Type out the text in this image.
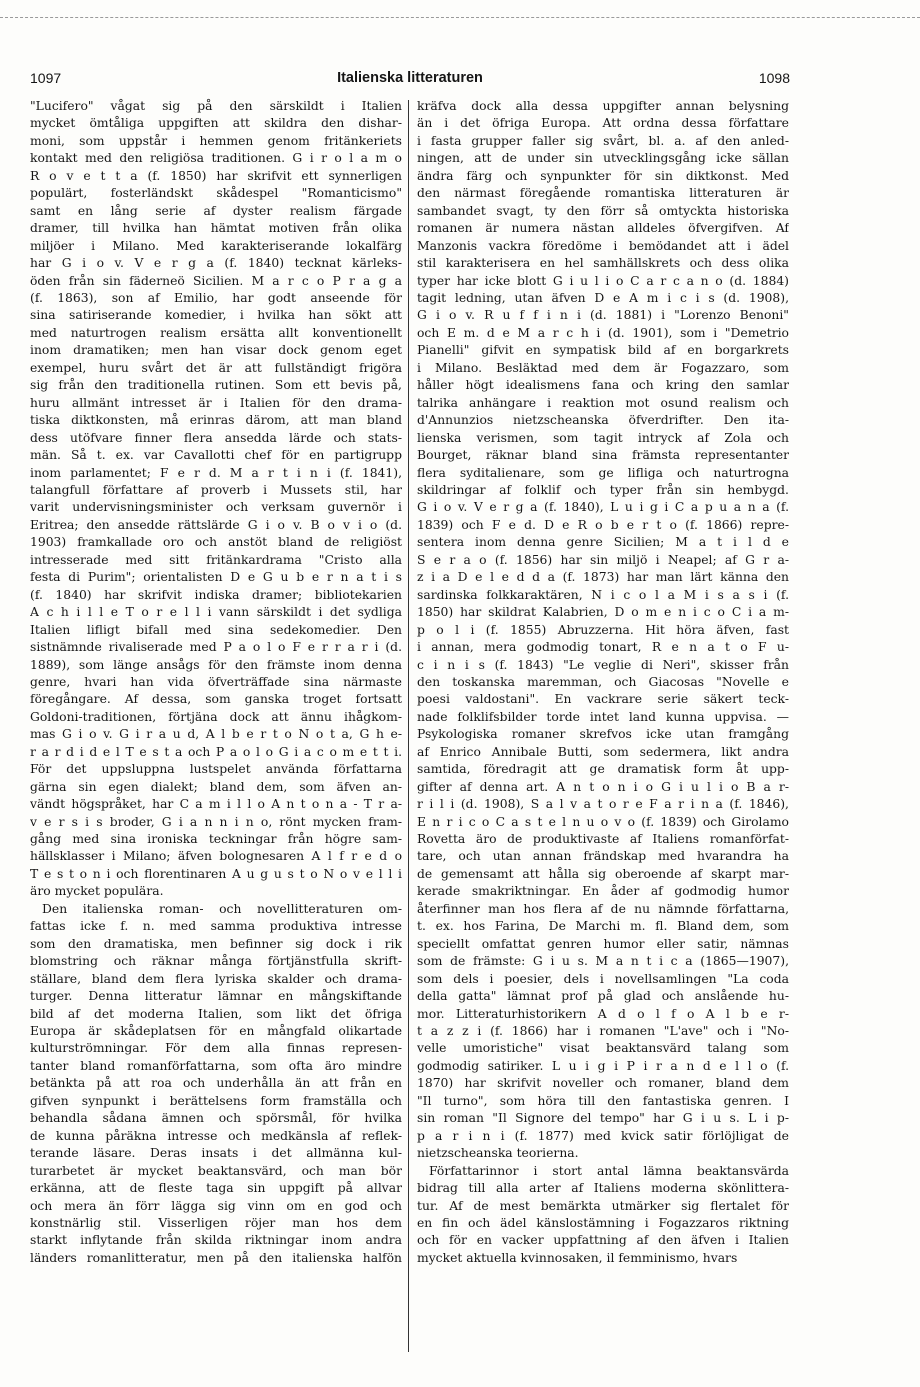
1097	Italienska litteraturen	1098
"Lucifero" vågat sig på den särskildt i Italien
mycket ömtåliga uppgiften att skildra den dishar-
moni, som uppstår i hemmen genom fritänkeriets
kontakt med den religiösa traditionen. G i r o l a m o
R o v e t t a (f. 1850) har skrifvit ett synnerligen
populärt, fosterländskt skådespel "Romanticismo"
samt en lång serie af dyster realism färgade
dramer, till hvilka han hämtat motiven från olika
miljöer i Milano. Med karakteriserande lokalfärg
har G i o v. V e r g a (f. 1840) tecknat kärleks-
öden från sin fäderneö Sicilien. M a r c o P r a g a
(f. 1863), son af Emilio, har godt anseende för
sina satiriserande komedier, i hvilka han sökt att
med naturtrogen realism ersätta allt konventionellt
inom dramatiken; men han visar dock genom eget
exempel, huru svårt det är att fullständigt frigöra
sig från den traditionella rutinen. Som ett bevis på,
huru allmänt intresset är i Italien för den drama-
tiska diktkonsten, må erinras därom, att man bland
dess utöfvare finner flera ansedda lärde och stats-
män. Så t. ex. var Cavallotti chef för en partigrupp
inom parlamentet; F e r d. M a r t i n i (f. 1841),
talangfull författare af proverb i Mussets stil, har
varit undervisningsminister och verksam guvernör i
Eritrea; den ansedde rättslärde G i o v. B o v i o (d.
1903) framkallade oro och anstöt bland de religiöst
intresserade med sitt fritänkardrama "Cristo alla
festa di Purim"; orientalisten D e G u b e r n a t i s
(f. 1840) har skrifvit indiska dramer; bibliotekarien
A c h i l l e T o r e l l i vann särskildt i det sydliga
Italien lifligt bifall med sina sedekomedier. Den
sistnämnde rivaliserade med P a o l o F e r r a r i (d.
1889), som länge ansågs för den främste inom denna
genre, hvari han vida öfverträffade sina närmaste
föregångare. Af dessa, som ganska troget fortsatt
Goldoni-traditionen, förtjäna dock att ännu ihågkom-
mas G i o v. G i r a u d, A l b e r t o N o t a, G h e-
r a r d i d e l T e s t a och P a o l o G i a c o m e t t i.
För det uppsluppna lustspelet använda författarna
gärna sin egen dialekt; bland dem, som äfven an-
vändt högspråket, har C a m i l l o A n t o n a - T r a-
v e r s i s broder, G i a n n i n o, rönt mycken fram-
gång med sina ironiska teckningar från högre sam-
hällsklasser i Milano; äfven bolognesaren A l f r e d o
T e s t o n i och florentinaren A u g u s t o N o v e l l i
äro mycket populära.
Den italienska roman- och novellitteraturen om-
fattas icke f. n. med samma produktiva intresse
som den dramatiska, men befinner sig dock i rik
blomstring och räknar många förtjänstfulla skrift-
ställare, bland dem flera lyriska skalder och drama-
turger. Denna litteratur lämnar en mångskiftande
bild af det moderna Italien, som likt det öfriga
Europa är skådeplatsen för en mångfald olikartade
kulturströmningar. För dem alla finnas represen-
tanter bland romanförfattarna, som ofta äro mindre
betänkta på att roa och underhålla än att från en
gifven synpunkt i berättelsens form framställa och
behandla sådana ämnen och spörsmål, för hvilka
de kunna påräkna intresse och medkänsla af reflek-
terande läsare. Deras insats i det allmänna kul-
turarbetet är mycket beaktansvärd, och man bör
erkänna, att de fleste taga sin uppgift på allvar
och mera än förr lägga sig vinn om en god och
konstnärlig stil. Visserligen röjer man hos dem
starkt inflytande från skilda riktningar inom andra
länders romanlitteratur, men på den italienska halfön
kräfva dock alla dessa uppgifter annan belysning
än i det öfriga Europa. Att ordna dessa författare
i fasta grupper faller sig svårt, bl. a. af den anled-
ningen, att de under sin utvecklingsgång icke sällan
ändra färg och synpunkter för sin diktkonst. Med
den närmast föregående romantiska litteraturen är
sambandet svagt, ty den förr så omtyckta historiska
romanen är numera nästan alldeles öfvergifven. Af
Manzonis vackra föredöme i bemödandet att i ädel
stil karakterisera en hel samhällskrets och dess olika
typer har icke blott G i u l i o C a r c a n o (d. 1884)
tagit ledning, utan äfven D e A m i c i s (d. 1908),
G i o v. R u f f i n i (d. 1881) i "Lorenzo Benoni"
och E m. d e M a r c h i (d. 1901), som i "Demetrio
Pianelli" gifvit en sympatisk bild af en borgarkrets
i Milano. Besläktad med dem är Fogazzaro, som
håller högt idealismens fana och kring den samlar
talrika anhängare i reaktion mot osund realism och
d'Annunzios nietzscheanska öfverdrifter. Den ita-
lienska verismen, som tagit intryck af Zola och
Bourget, räknar bland sina främsta representanter
flera syditalienare, som ge lifliga och naturtrogna
skildringar af folklif och typer från sin hembygd.
G i o v. V e r g a (f. 1840), L u i g i C a p u a n a (f.
1839) och F e d. D e R o b e r t o (f. 1866) repre-
sentera inom denna genre Sicilien; M a t i l d e
S e r a o (f. 1856) har sin miljö i Neapel; af G r a-
z i a D e l e d d a (f. 1873) har man lärt känna den
sardinska folkkaraktären, N i c o l a M i s a s i (f.
1850) har skildrat Kalabrien, D o m e n i c o C i a m-
p o l i (f. 1855) Abruzzerna. Hit höra äfven, fast
i annan, mera godmodig tonart, R e n a t o F u-
c i n i s (f. 1843) "Le veglie di Neri", skisser från
den toskanska maremman, och Giacosas "Novelle e
poesi valdostani". En vackrare serie säkert teck-
nade folklifsbilder torde intet land kunna uppvisa. —
Psykologiska romaner skrefvos icke utan framgång
af Enrico Annibale Butti, som sedermera, likt andra
samtida, föredragit att ge dramatisk form åt upp-
gifter af denna art. A n t o n i o G i u l i o B a r-
r i l i (d. 1908), S a l v a t o r e F a r i n a (f. 1846),
E n r i c o C a s t e l n u o v o (f. 1839) och Girolamo
Rovetta äro de produktivaste af Italiens romanförfat-
tare, och utan annan frändskap med hvarandra ha
de gemensamt att hålla sig oberoende af skarpt mar-
kerade smakriktningar. En åder af godmodig humor
återfinner man hos flera af de nu nämnde författarna,
t. ex. hos Farina, De Marchi m. fl. Bland dem, som
speciellt omfattat genren humor eller satir, nämnas
som de främste: G i u s. M a n t i c a (1865—1907),
som dels i poesier, dels i novellsamlingen "La coda
della gatta" lämnat prof på glad och anslående hu-
mor. Litteraturhistorikern A d o l f o A l b e r-
t a z z i (f. 1866) har i romanen "L'ave" och i "No-
velle umoristiche" visat beaktansvärd talang som
godmodig satiriker. L u i g i P i r a n d e l l o (f.
1870) har skrifvit noveller och romaner, bland dem
"Il turno", som höra till den fantastiska genren. I
sin roman "Il Signore del tempo" har G i u s. L i p-
p a r i n i (f. 1877) med kvick satir förlöjligat de
nietzscheanska teorierna.
Författarinnor i stort antal lämna beaktansvärda
bidrag till alla arter af Italiens moderna skönlittera-
tur. Af de mest bemärkta utmärker sig flertalet för
en fin och ädel känslostämning i Fogazzaros riktning
och för en vacker uppfattning af den äfven i Italien
mycket aktuella kvinnosaken, il femminismo, hvars
